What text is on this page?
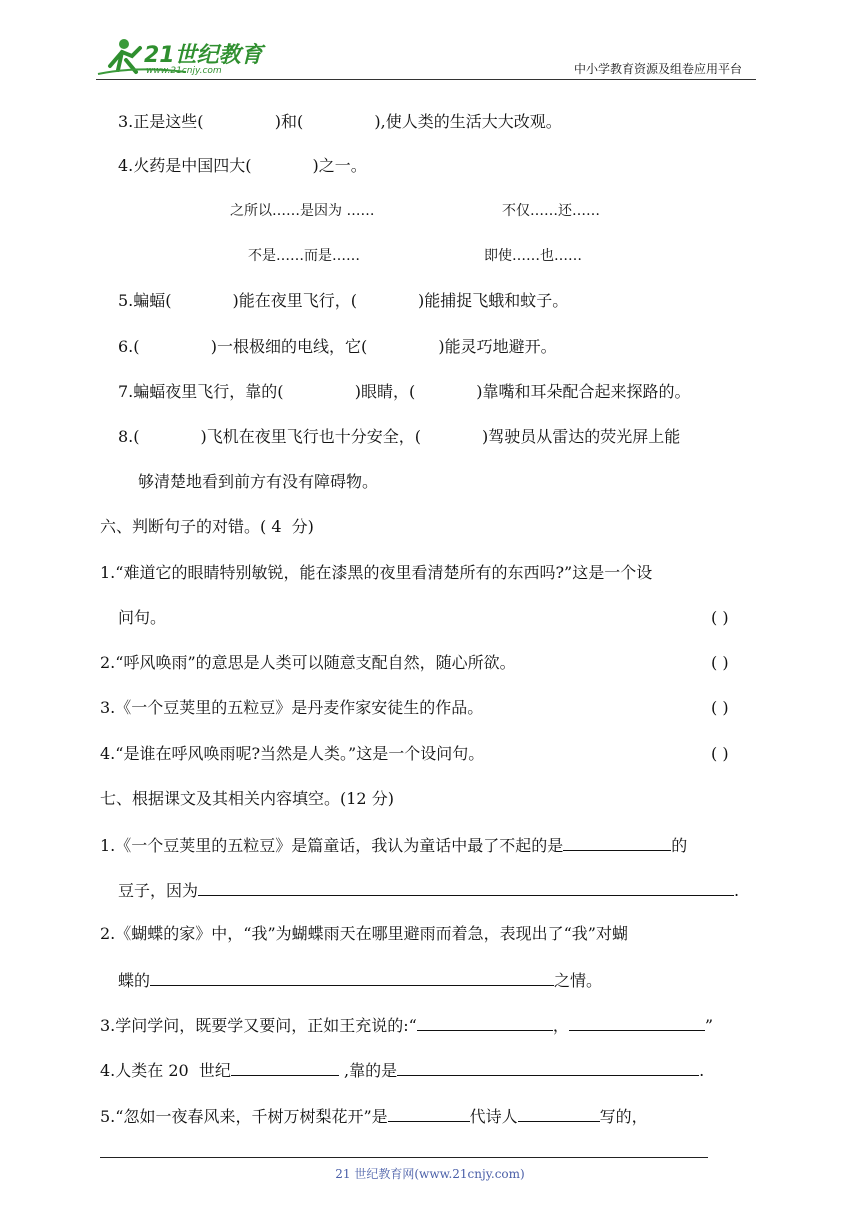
21世纪教育
www.21cnjy.com	中小学教育资源及组卷应用平台
3.正是这些(              )和(              ),使人类的生活大大改观。
4.火药是中国四大(            )之一。
之所以……是因为 ……	不仅……还……
不是……而是……	即使……也……
5.蝙蝠(            )能在夜里飞行，(            )能捕捉飞蛾和蚊子。
6.(              )一根极细的电线，它(              )能灵巧地避开。
7.蝙蝠夜里飞行，靠的(              )眼睛，(            )靠嘴和耳朵配合起来探路的。
8.(            )飞机在夜里飞行也十分安全，(            )驾驶员从雷达的荧光屏上能
够清楚地看到前方有没有障碍物。
六、判断句子的对错。( 4  分)
1.“难道它的眼睛特别敏锐，能在漆黑的夜里看清楚所有的东西吗?”这是一个设
问句。	( )
2.“呼风唤雨”的意思是人类可以随意支配自然，随心所欲。	( )
3.《一个豆荚里的五粒豆》是丹麦作家安徒生的作品。	( )
4.“是谁在呼风唤雨呢?当然是人类。”这是一个设问句。	( )
七、根据课文及其相关内容填空。(12 分)
1.《一个豆荚里的五粒豆》是篇童话，我认为童话中最了不起的是	的
豆子，因为	.
2.《蝴蝶的家》中，“我”为蝴蝶雨天在哪里避雨而着急，表现出了“我”对蝴
蝶的	之情。
3.学问学问，既要学又要问，正如王充说的:“	，	”
4.人类在 20  世纪	,靠的是	.
5.“忽如一夜春风来，千树万树梨花开”是	代诗人	写的，
21 世纪教育网(www.21cnjy.com)
